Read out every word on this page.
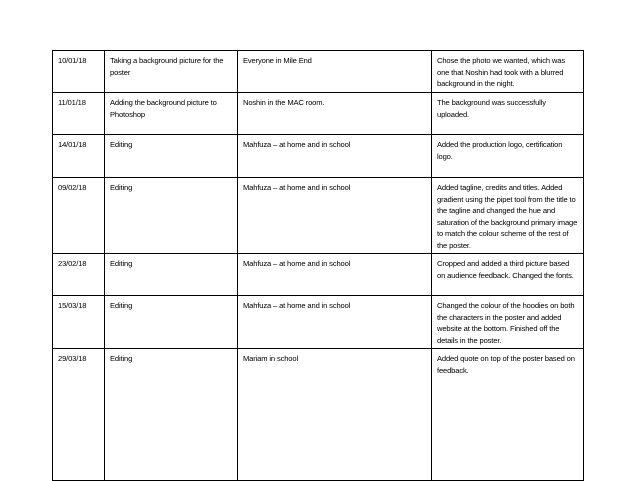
10/01/18	Taking a background picture for the poster	Everyone in Mile End	Chose the photo we wanted, which was one that Noshin had took with a blurred background in the night.
11/01/18	Adding the background picture to Photoshop	Noshin in the MAC room.	The background was successfully uploaded.
14/01/18	Editing	Mahfuza – at home and in school	Added the production logo, certification logo.
09/02/18	Editing	Mahfuza – at home and in school	Added tagline, credits and titles. Added gradient using the pipet tool from the title to the tagline and changed the hue and saturation of the background primary image to match the colour scheme of the rest of the poster.
23/02/18	Editing	Mahfuza – at home and in school	Cropped and added a third picture based on audience feedback. Changed the fonts.
15/03/18	Editing	Mahfuza – at home and in school	Changed the colour of the hoodies on both the characters in the poster and added website at the bottom. Finished off the details in the poster.
29/03/18	Editing	Mariam in school	Added quote on top of the poster based on feedback.
